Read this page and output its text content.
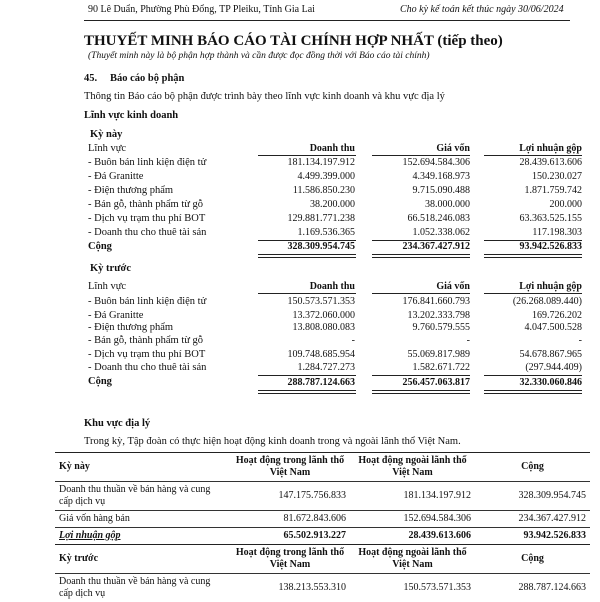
90 Lê Duẩn, Phường Phù Đổng, TP Pleiku, Tỉnh Gia Lai	Cho kỳ kế toán kết thúc ngày 30/06/2024
THUYẾT MINH BÁO CÁO TÀI CHÍNH HỢP NHẤT (tiếp theo)
(Thuyết minh này là bộ phận hợp thành và cần được đọc đồng thời với Báo cáo tài chính)
45. Báo cáo bộ phận
Thông tin Báo cáo bộ phận được trình bày theo lĩnh vực kinh doanh và khu vực địa lý
Lĩnh vực kinh doanh
Kỳ này
Lĩnh vực	Doanh thu	Giá vốn	Lợi nhuận gộp
- Buôn bán linh kiện điện tử	181.134.197.912	152.694.584.306	28.439.613.606
- Đá Granitte	4.499.399.000	4.349.168.973	150.230.027
- Điện thương phẩm	11.586.850.230	9.715.090.488	1.871.759.742
- Bán gỗ, thành phẩm từ gỗ	38.200.000	38.000.000	200.000
- Dịch vụ trạm thu phí BOT	129.881.771.238	66.518.246.083	63.363.525.155
- Doanh thu cho thuê tài sản	1.169.536.365	1.052.338.062	117.198.303
Cộng	328.309.954.745	234.367.427.912	93.942.526.833
Kỳ trước
Lĩnh vực	Doanh thu	Giá vốn	Lợi nhuận gộp
- Buôn bán linh kiện điện tử	150.573.571.353	176.841.660.793	(26.268.089.440)
- Đá Granitte	13.372.060.000	13.202.333.798	169.726.202
- Điện thương phẩm	13.808.080.083	9.760.579.555	4.047.500.528
- Bán gỗ, thành phẩm từ gỗ	-	-	-
- Dịch vụ trạm thu phí BOT	109.748.685.954	55.069.817.989	54.678.867.965
- Doanh thu cho thuê tài sản	1.284.727.273	1.582.671.722	(297.944.409)
Cộng	288.787.124.663	256.457.063.817	32.330.060.846
Khu vực địa lý
Trong kỳ, Tập đoàn có thực hiện hoạt động kinh doanh trong và ngoài lãnh thổ Việt Nam.
Kỳ này	Hoạt động trong lãnh thổ Việt Nam	Hoạt động ngoài lãnh thổ Việt Nam	Cộng
Doanh thu thuần về bán hàng và cung cấp dịch vụ	147.175.756.833	181.134.197.912	328.309.954.745
Giá vốn hàng bán	81.672.843.606	152.694.584.306	234.367.427.912
Lợi nhuận gộp	65.502.913.227	28.439.613.606	93.942.526.833
Kỳ trước	Hoạt động trong lãnh thổ Việt Nam	Hoạt động ngoài lãnh thổ Việt Nam	Cộng
Doanh thu thuần về bán hàng và cung cấp dịch vụ	138.213.553.310	150.573.571.353	288.787.124.663
